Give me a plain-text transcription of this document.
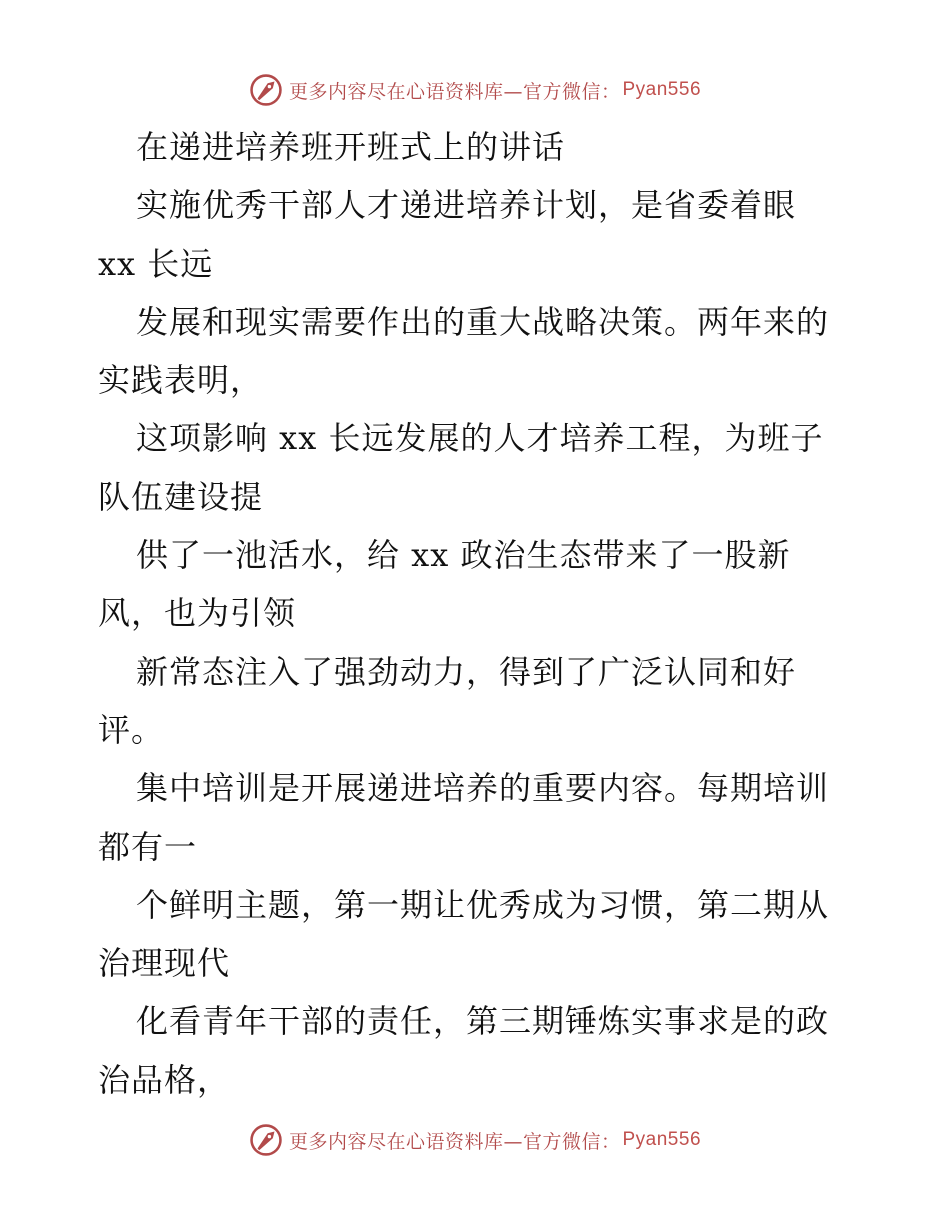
更多内容尽在心语资料库—官方微信： Pyan556
在递进培养班开班式上的讲话
实施优秀干部人才递进培养计划，是省委着眼
xx 长远
发展和现实需要作出的重大战略决策。两年来的
实践表明，
这项影响 xx 长远发展的人才培养工程，为班子
队伍建设提
供了一池活水，给 xx 政治生态带来了一股新
风，也为引领
新常态注入了强劲动力，得到了广泛认同和好
评。
集中培训是开展递进培养的重要内容。每期培训
都有一
个鲜明主题，第一期让优秀成为习惯，第二期从
治理现代
化看青年干部的责任，第三期锤炼实事求是的政
治品格，
更多内容尽在心语资料库—官方微信： Pyan556
